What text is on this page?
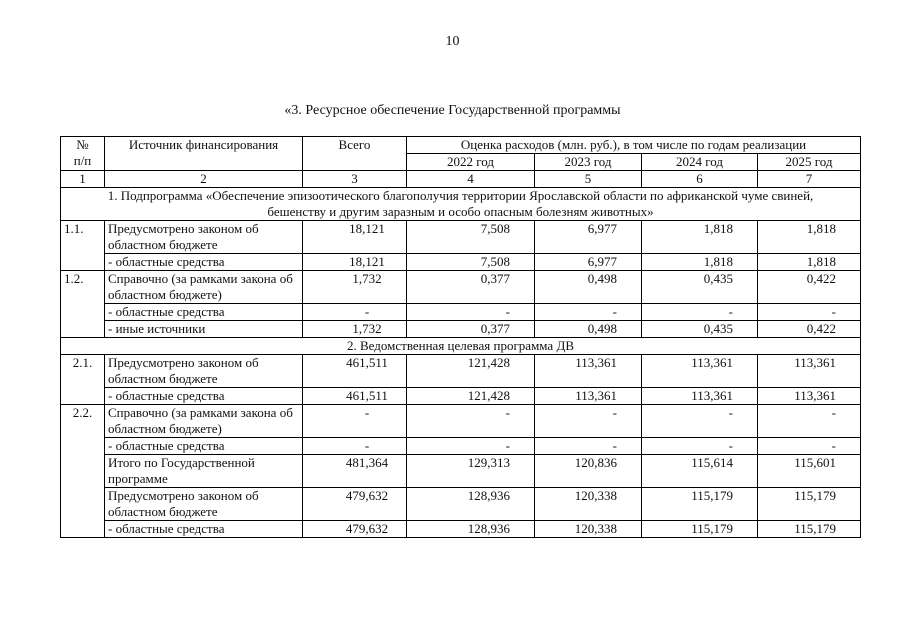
10
«3. Ресурсное обеспечение Государственной программы
№
п/п	Источник финансирования	Всего	Оценка расходов (млн. руб.), в том числе по годам реализации			
			2022 год	2023 год	2024 год	2025 год
1	2	3	4	5	6	7
1. Подпрограмма «Обеспечение эпизоотического благополучия территории Ярославской области по африканской чуме свиней, бешенству и другим заразным и особо опасным болезням животных»						
1.1.	Предусмотрено законом об областном бюджете	18,121	7,508	6,977	1,818	1,818
	- областные средства	18,121	7,508	6,977	1,818	1,818
1.2.	Справочно (за рамками закона об областном бюджете)	1,732	0,377	0,498	0,435	0,422
	- областные средства	-	-	-	-	-
	- иные источники	1,732	0,377	0,498	0,435	0,422
2. Ведомственная целевая программа ДВ						
2.1.	Предусмотрено законом об областном бюджете	461,511	121,428	113,361	113,361	113,361
	- областные средства	461,511	121,428	113,361	113,361	113,361
2.2.	Справочно (за рамками закона об областном бюджете)	-	-	-	-	-
	- областные средства	-	-	-	-	-
	Итого по Государственной программе	481,364	129,313	120,836	115,614	115,601
	Предусмотрено законом об областном бюджете	479,632	128,936	120,338	115,179	115,179
	- областные средства	479,632	128,936	120,338	115,179	115,179
